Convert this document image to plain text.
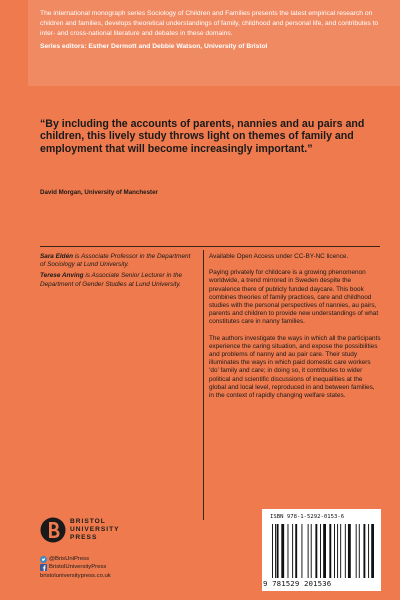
The international monograph series Sociology of Children and Families presents the latest empirical research on children and families, develops theoretical understandings of family, childhood and personal life, and contributes to inter- and cross-national literature and debates in these domains.

Series editors: Esther Dermott and Debbie Watson, University of Bristol

“By including the accounts of parents, nannies and au pairs and children, this lively study throws light on themes of family and employment that will become increasingly important.”

David Morgan, University of Manchester

Sara Eldén is Associate Professor in the Department of Sociology at Lund University.

Terese Anving is Associate Senior Lecturer in the Department of Gender Studies at Lund University.

Available Open Access under CC-BY-NC licence.

Paying privately for childcare is a growing phenomenon worldwide, a trend mirrored in Sweden despite the prevalence there of publicly funded daycare. This book combines theories of family practices, care and childhood studies with the personal perspectives of nannies, au pairs, parents and children to provide new understandings of what constitutes care in nanny families.

The authors investigate the ways in which all the participants experience the caring situation, and expose the possibilities and problems of nanny and au pair care. Their study illuminates the ways in which paid domestic care workers ‘do’ family and care; in doing so, it contributes to wider political and scientific discussions of inequalities at the global and local level, reproduced in and between families, in the context of rapidly changing welfare states.

BRISTOL
UNIVERSITY
PRESS

@BrisUniPress
BristolUniversityPress
bristoluniversitypress.co.uk

ISBN 978-1-5292-0153-6

9 781529 201536
